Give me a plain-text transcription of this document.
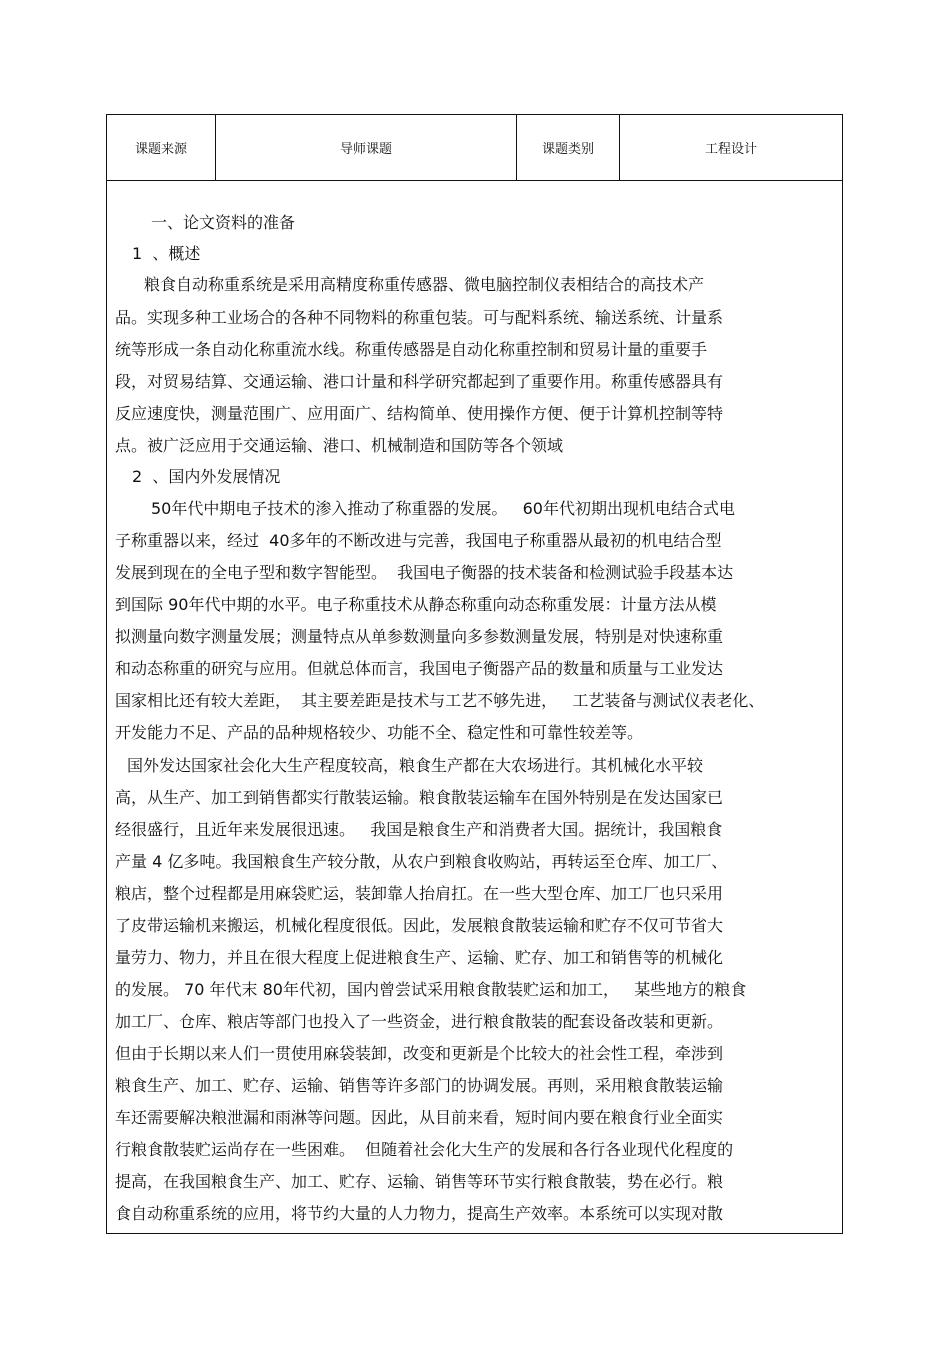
课题来源	导师课题	课题类别	工程设计
一、论文资料的准备
1  、概述
粮食自动称重系统是采用高精度称重传感器、微电脑控制仪表相结合的高技术产
品。实现多种工业场合的各种不同物料的称重包装。可与配料系统、输送系统、计量系
统等形成一条自动化称重流水线。称重传感器是自动化称重控制和贸易计量的重要手
段，对贸易结算、交通运输、港口计量和科学研究都起到了重要作用。称重传感器具有
反应速度快，测量范围广、应用面广、结构简单、使用操作方便、便于计算机控制等特
点。被广泛应用于交通运输、港口、机械制造和国防等各个领域
2  、国内外发展情况
50年代中期电子技术的渗入推动了称重器的发展。   60年代初期出现机电结合式电
子称重器以来，经过  40多年的不断改进与完善，我国电子称重器从最初的机电结合型
发展到现在的全电子型和数字智能型。  我国电子衡器的技术装备和检测试验手段基本达
到国际 90年代中期的水平。电子称重技术从静态称重向动态称重发展：计量方法从模
拟测量向数字测量发展；测量特点从单参数测量向多参数测量发展，特别是对快速称重
和动态称重的研究与应用。但就总体而言，我国电子衡器产品的数量和质量与工业发达
国家相比还有较大差距，  其主要差距是技术与工艺不够先进，   工艺装备与测试仪表老化、
开发能力不足、产品的品种规格较少、功能不全、稳定性和可靠性较差等。
国外发达国家社会化大生产程度较高，粮食生产都在大农场进行。其机械化水平较
高，从生产、加工到销售都实行散装运输。粮食散装运输车在国外特别是在发达国家已
经很盛行，且近年来发展很迅速。   我国是粮食生产和消费者大国。据统计，我国粮食
产量 4 亿多吨。我国粮食生产较分散，从农户到粮食收购站，再转运至仓库、加工厂、
粮店，整个过程都是用麻袋贮运，装卸靠人抬肩扛。在一些大型仓库、加工厂也只采用
了皮带运输机来搬运，机械化程度很低。因此，发展粮食散装运输和贮存不仅可节省大
量劳力、物力，并且在很大程度上促进粮食生产、运输、贮存、加工和销售等的机械化
的发展。 70 年代末 80年代初，国内曾尝试采用粮食散装贮运和加工，   某些地方的粮食
加工厂、仓库、粮店等部门也投入了一些资金，进行粮食散装的配套设备改装和更新。
但由于长期以来人们一贯使用麻袋装卸，改变和更新是个比较大的社会性工程，牵涉到
粮食生产、加工、贮存、运输、销售等许多部门的协调发展。再则，采用粮食散装运输
车还需要解决粮泄漏和雨淋等问题。因此，从目前来看，短时间内要在粮食行业全面实
行粮食散装贮运尚存在一些困难。  但随着社会化大生产的发展和各行各业现代化程度的
提高，在我国粮食生产、加工、贮存、运输、销售等环节实行粮食散装，势在必行。粮
食自动称重系统的应用，将节约大量的人力物力，提高生产效率。本系统可以实现对散
